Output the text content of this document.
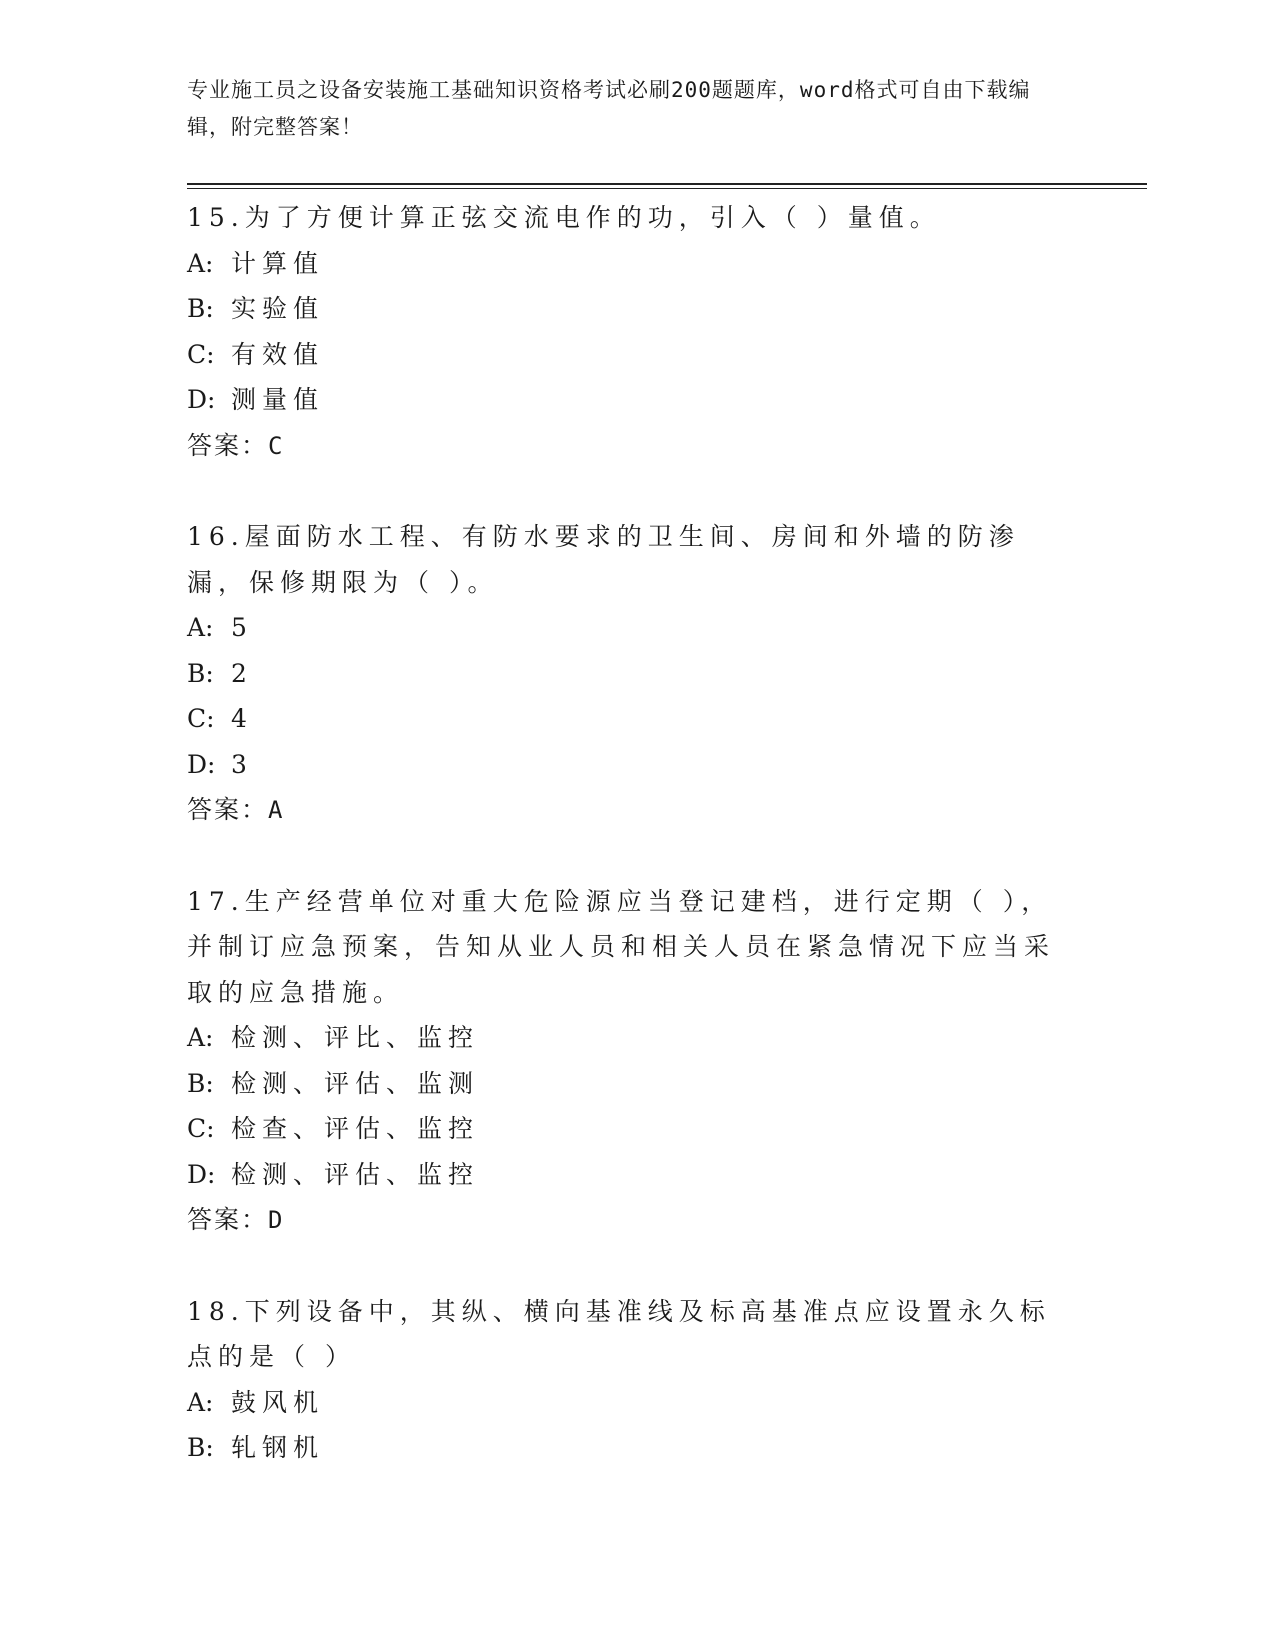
专业施工员之设备安装施工基础知识资格考试必刷200题题库，word格式可自由下载编辑，附完整答案！

15.为了方便计算正弦交流电作的功，引入（ ）量值。

A: 计算值

B: 实验值

C: 有效值

D: 测量值

答案：C

16.屋面防水工程、有防水要求的卫生间、房间和外墙的防渗漏，保修期限为（ ）。

A: 5

B: 2

C: 4

D: 3

答案：A

17.生产经营单位对重大危险源应当登记建档，进行定期（ ），并制订应急预案，告知从业人员和相关人员在紧急情况下应当采取的应急措施。

A: 检测、评比、监控

B: 检测、评估、监测

C: 检查、评估、监控

D: 检测、评估、监控

答案：D

18.下列设备中，其纵、横向基准线及标高基准点应设置永久标点的是（ ）

A: 鼓风机

B: 轧钢机
